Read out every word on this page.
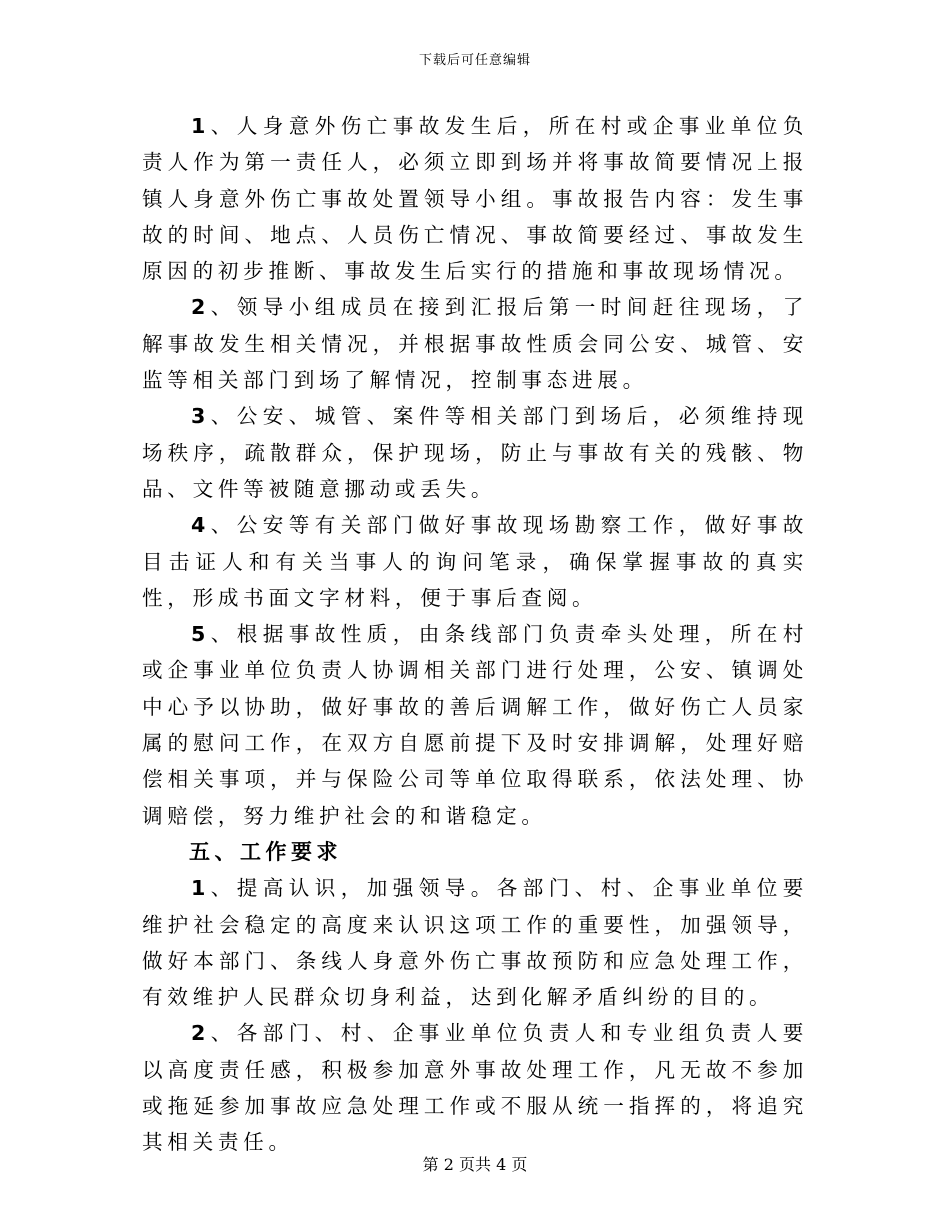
下载后可任意编辑

1、人身意外伤亡事故发生后，所在村或企事业单位负责人作为第一责任人，必须立即到场并将事故简要情况上报镇人身意外伤亡事故处置领导小组。事故报告内容：发生事故的时间、地点、人员伤亡情况、事故简要经过、事故发生原因的初步推断、事故发生后实行的措施和事故现场情况。

2、领导小组成员在接到汇报后第一时间赶往现场，了解事故发生相关情况，并根据事故性质会同公安、城管、安监等相关部门到场了解情况，控制事态进展。

3、公安、城管、案件等相关部门到场后，必须维持现场秩序，疏散群众，保护现场，防止与事故有关的残骸、物品、文件等被随意挪动或丢失。

4、公安等有关部门做好事故现场勘察工作，做好事故目击证人和有关当事人的询问笔录，确保掌握事故的真实性，形成书面文字材料，便于事后查阅。

5、根据事故性质，由条线部门负责牵头处理，所在村或企事业单位负责人协调相关部门进行处理，公安、镇调处中心予以协助，做好事故的善后调解工作，做好伤亡人员家属的慰问工作，在双方自愿前提下及时安排调解，处理好赔偿相关事项，并与保险公司等单位取得联系，依法处理、协调赔偿，努力维护社会的和谐稳定。

五、工作要求

1、提高认识，加强领导。各部门、村、企事业单位要维护社会稳定的高度来认识这项工作的重要性，加强领导，做好本部门、条线人身意外伤亡事故预防和应急处理工作，有效维护人民群众切身利益，达到化解矛盾纠纷的目的。

2、各部门、村、企事业单位负责人和专业组负责人要以高度责任感，积极参加意外事故处理工作，凡无故不参加或拖延参加事故应急处理工作或不服从统一指挥的，将追究其相关责任。

第 2 页共 4 页
